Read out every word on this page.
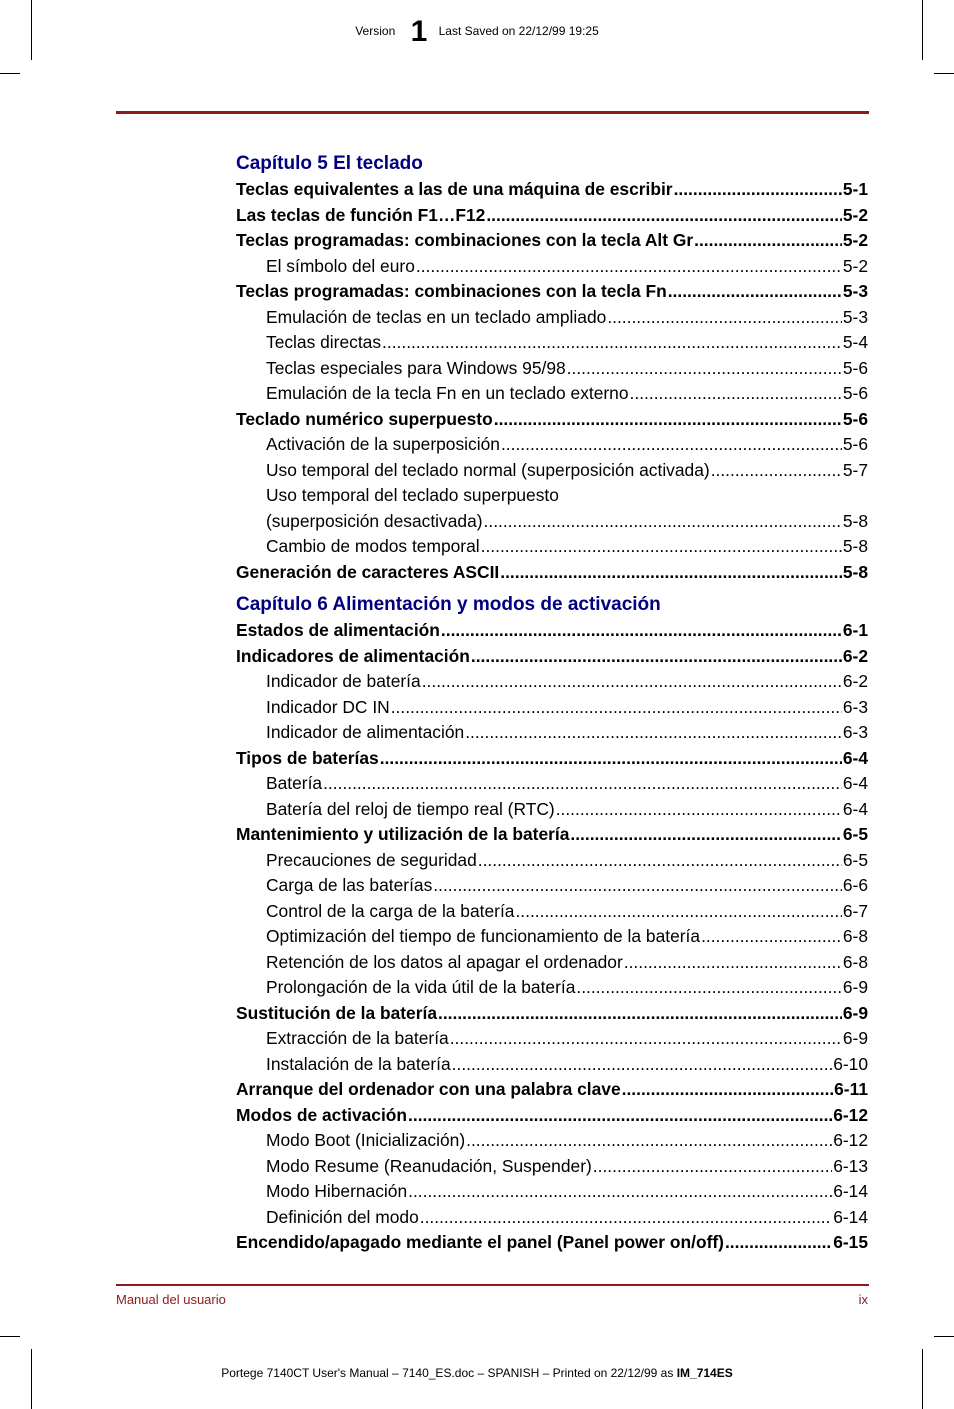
Version 1 Last Saved on 22/12/99 19:25
Capítulo 5 El teclado
Teclas equivalentes a las de una máquina de escribir .....	5-1
Las teclas de función F1…F12 .....	5-2
Teclas programadas: combinaciones con la tecla Alt Gr .....	5-2
El símbolo del euro .....	5-2
Teclas programadas: combinaciones con la tecla Fn .....	5-3
Emulación de teclas en un teclado ampliado .....	5-3
Teclas directas .....	5-4
Teclas especiales para Windows 95/98 .....	5-6
Emulación de la tecla Fn en un teclado externo .....	5-6
Teclado numérico superpuesto .....	5-6
Activación de la superposición .....	5-6
Uso temporal del teclado normal (superposición activada) .....	5-7
Uso temporal del teclado superpuesto
(superposición desactivada) .....	5-8
Cambio de modos temporal .....	5-8
Generación de caracteres ASCII .....	5-8
Capítulo 6 Alimentación y modos de activación
Estados de alimentación .....	6-1
Indicadores de alimentación .....	6-2
Indicador de batería .....	6-2
Indicador DC IN .....	6-3
Indicador de alimentación .....	6-3
Tipos de baterías .....	6-4
Batería .....	6-4
Batería del reloj de tiempo real (RTC) .....	6-4
Mantenimiento y utilización de la batería .....	6-5
Precauciones de seguridad .....	6-5
Carga de las baterías .....	6-6
Control de la carga de la batería .....	6-7
Optimización del tiempo de funcionamiento de la batería .....	6-8
Retención de los datos al apagar el ordenador .....	6-8
Prolongación de la vida útil de la batería .....	6-9
Sustitución de la batería .....	6-9
Extracción de la batería .....	6-9
Instalación de la batería .....	6-10
Arranque del ordenador con una palabra clave .....	6-11
Modos de activación .....	6-12
Modo Boot (Inicialización) .....	6-12
Modo Resume (Reanudación, Suspender) .....	6-13
Modo Hibernación .....	6-14
Definición del modo .....	6-14
Encendido/apagado mediante el panel (Panel power on/off) .....	6-15
Manual del usuario	ix
Portege 7140CT User's Manual – 7140_ES.doc – SPANISH – Printed on 22/12/99 as IM_714ES
